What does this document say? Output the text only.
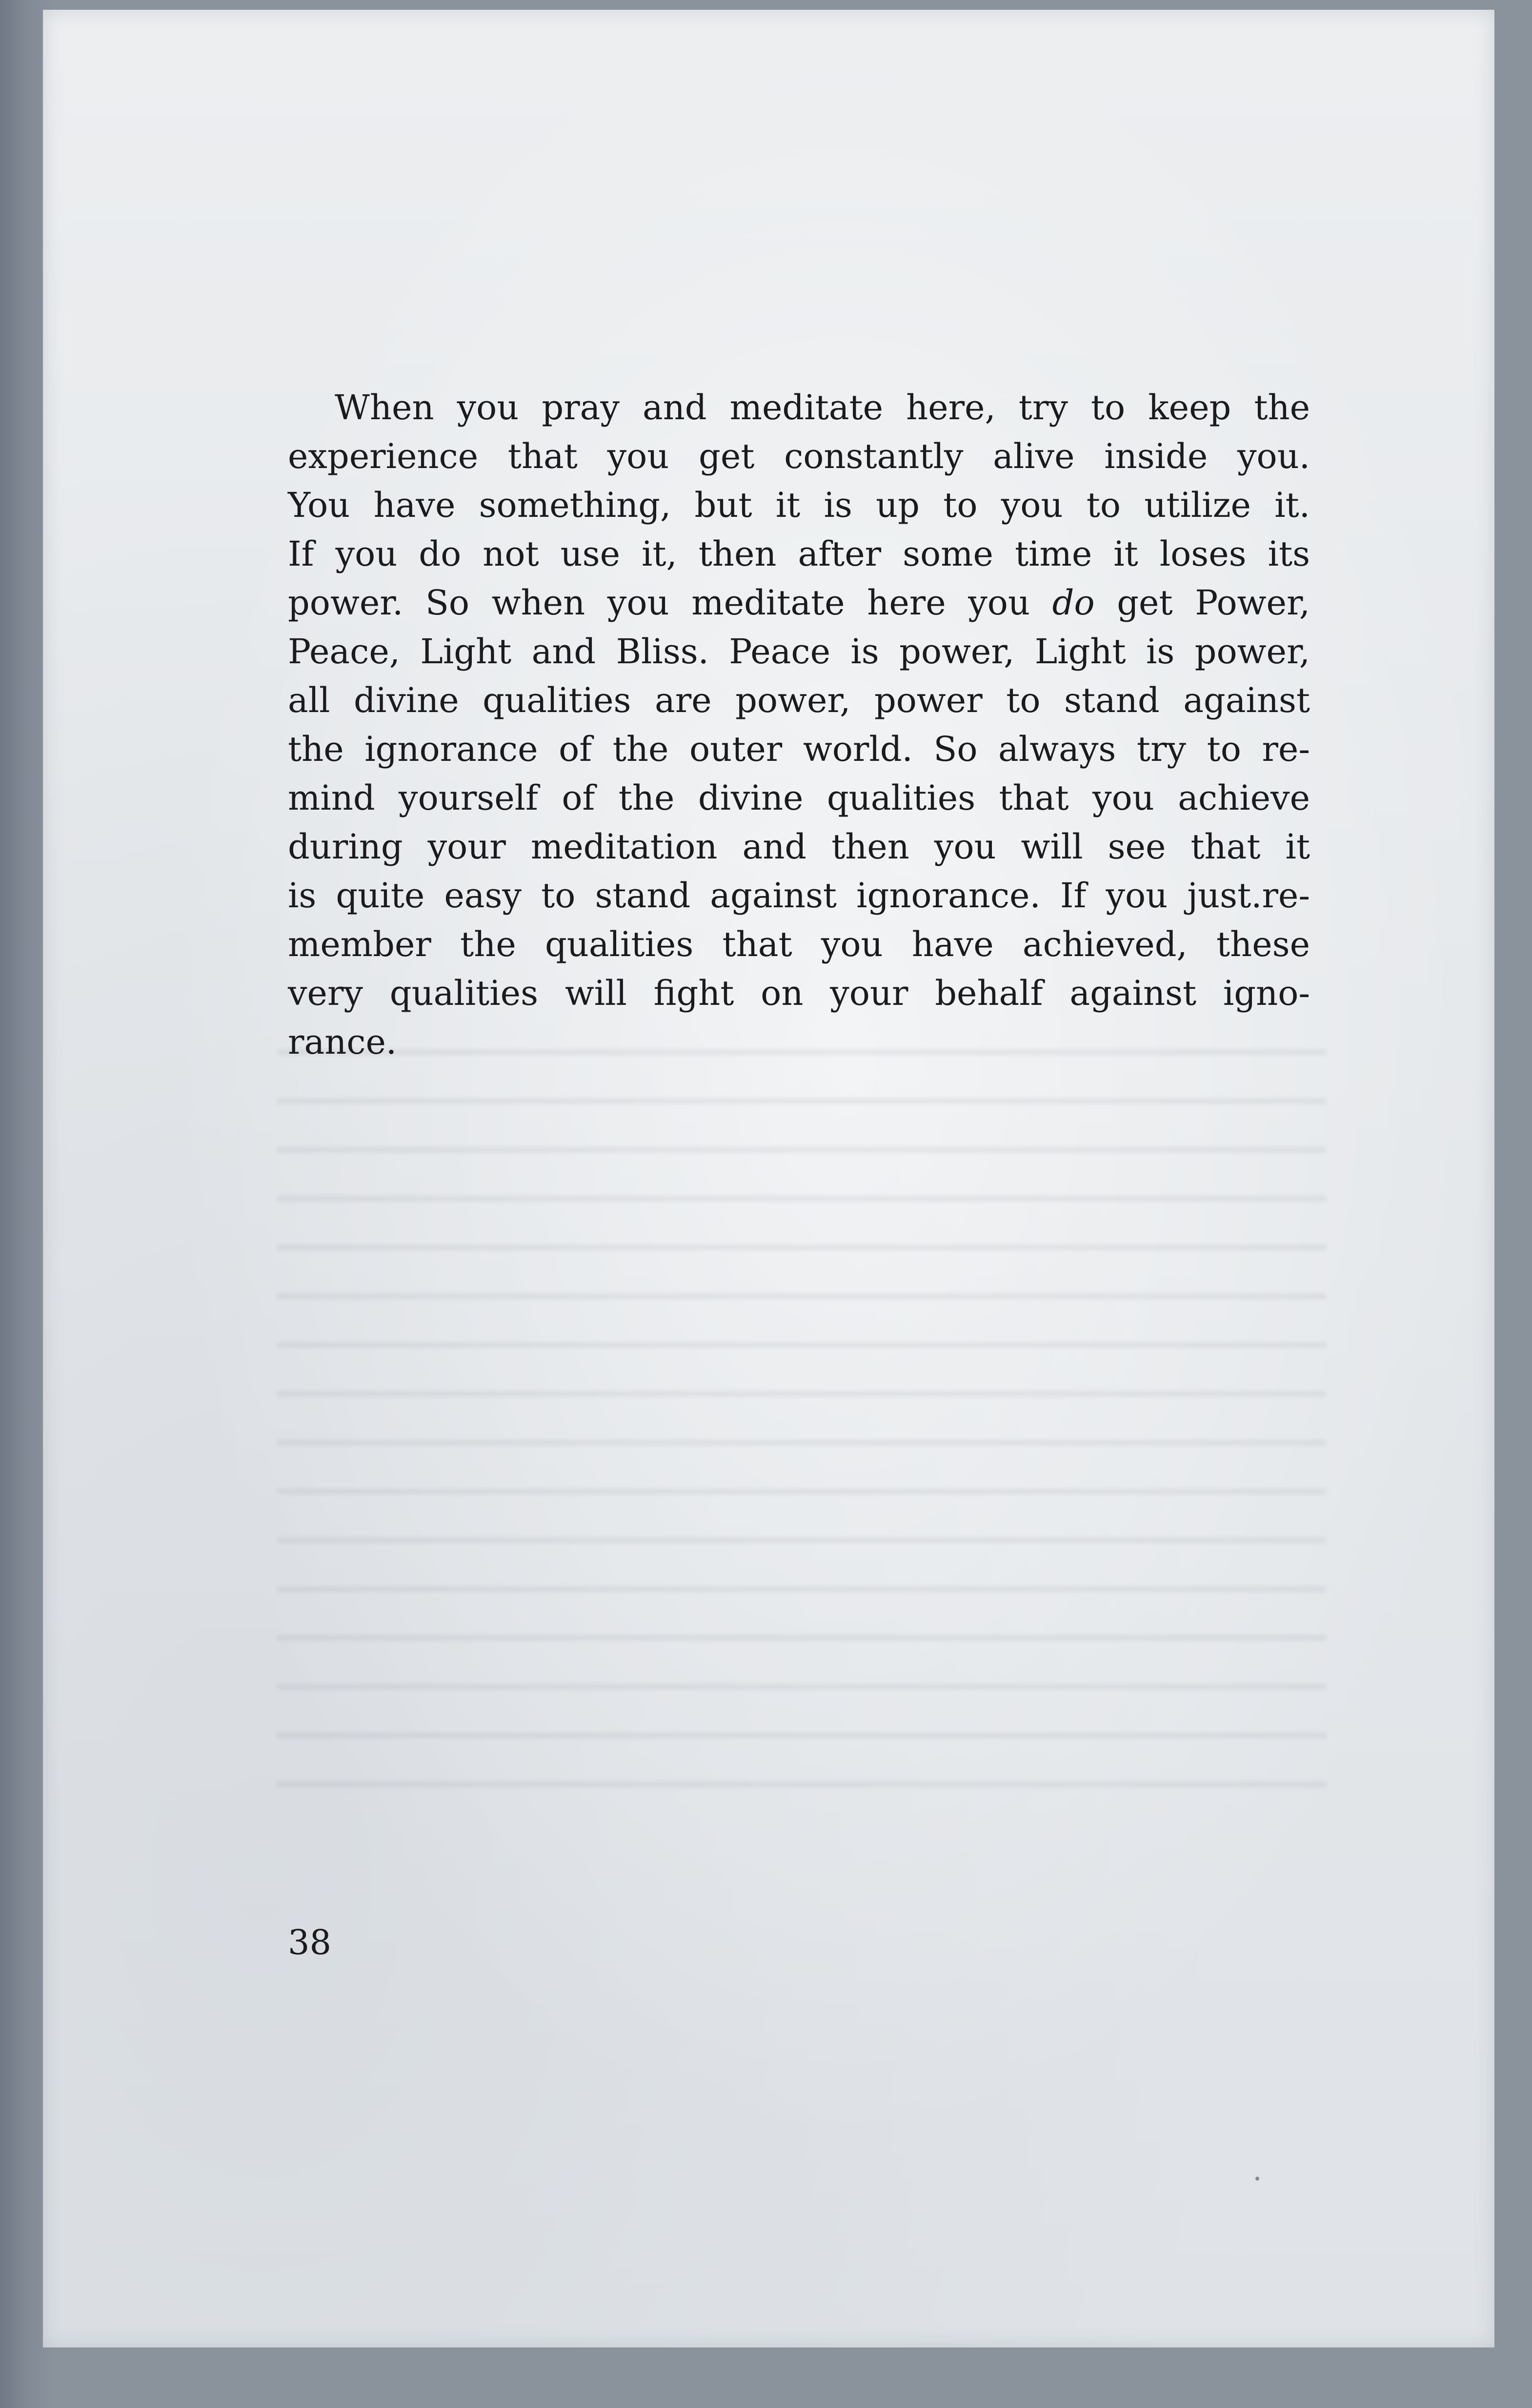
When you pray and meditate here, try to keep the
experience that you get constantly alive inside you.
You have something, but it is up to you to utilize it.
If you do not use it, then after some time it loses its
power. So when you meditate here you do get Power,
Peace, Light and Bliss. Peace is power, Light is power,
all divine qualities are power, power to stand against
the ignorance of the outer world. So always try to re-
mind yourself of the divine qualities that you achieve
during your meditation and then you will see that it
is quite easy to stand against ignorance. If you just.re-
member the qualities that you have achieved, these
very qualities will fight on your behalf against igno-
rance.
38
